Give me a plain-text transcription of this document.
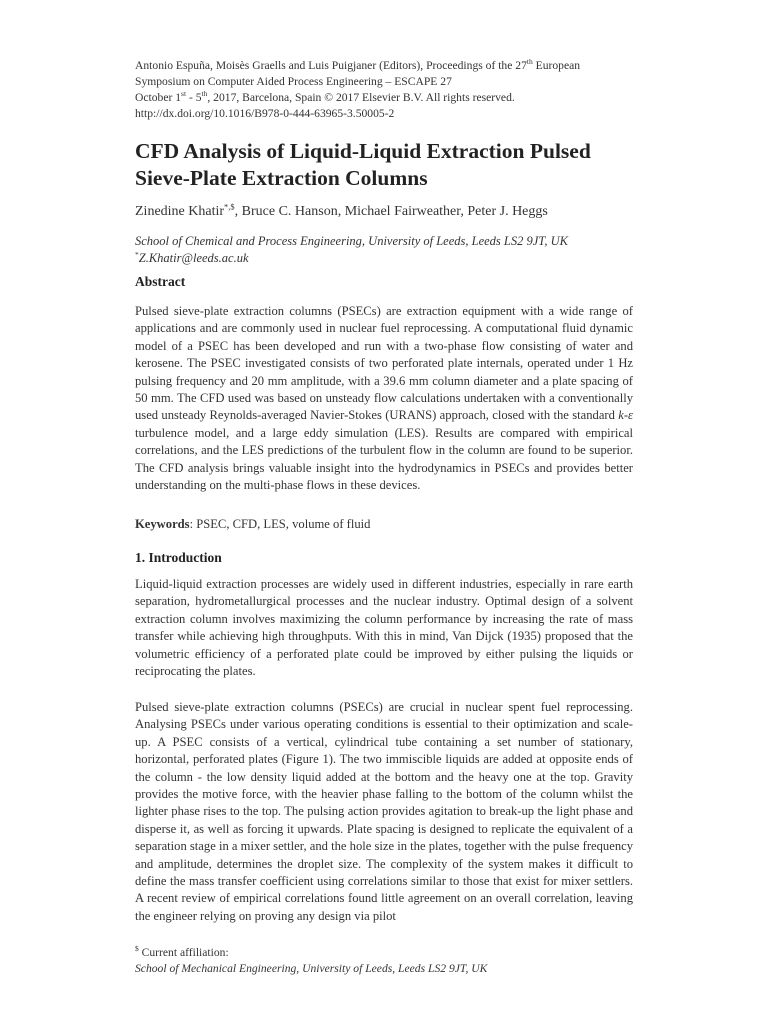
Antonio Espuña, Moisès Graells and Luis Puigjaner (Editors), Proceedings of the 27th European
Symposium on Computer Aided Process Engineering – ESCAPE 27
October 1st - 5th, 2017, Barcelona, Spain © 2017 Elsevier B.V. All rights reserved.
http://dx.doi.org/10.1016/B978-0-444-63965-3.50005-2
CFD Analysis of Liquid-Liquid Extraction Pulsed Sieve-Plate Extraction Columns
Zinedine Khatir*,$, Bruce C. Hanson, Michael Fairweather, Peter J. Heggs
School of Chemical and Process Engineering, University of Leeds, Leeds LS2 9JT, UK
*Z.Khatir@leeds.ac.uk
Abstract
Pulsed sieve-plate extraction columns (PSECs) are extraction equipment with a wide range of applications and are commonly used in nuclear fuel reprocessing. A computational fluid dynamic model of a PSEC has been developed and run with a two-phase flow consisting of water and kerosene. The PSEC investigated consists of two perforated plate internals, operated under 1 Hz pulsing frequency and 20 mm amplitude, with a 39.6 mm column diameter and a plate spacing of 50 mm. The CFD used was based on unsteady flow calculations undertaken with a conventionally used unsteady Reynolds-averaged Navier-Stokes (URANS) approach, closed with the standard k-ε turbulence model, and a large eddy simulation (LES). Results are compared with empirical correlations, and the LES predictions of the turbulent flow in the column are found to be superior. The CFD analysis brings valuable insight into the hydrodynamics in PSECs and provides better understanding on the multi-phase flows in these devices.
Keywords: PSEC, CFD, LES, volume of fluid
1. Introduction
Liquid-liquid extraction processes are widely used in different industries, especially in rare earth separation, hydrometallurgical processes and the nuclear industry. Optimal design of a solvent extraction column involves maximizing the column performance by increasing the rate of mass transfer while achieving high throughputs. With this in mind, Van Dijck (1935) proposed that the volumetric efficiency of a perforated plate could be improved by either pulsing the liquids or reciprocating the plates.
Pulsed sieve-plate extraction columns (PSECs) are crucial in nuclear spent fuel reprocessing. Analysing PSECs under various operating conditions is essential to their optimization and scale-up. A PSEC consists of a vertical, cylindrical tube containing a set number of stationary, horizontal, perforated plates (Figure 1). The two immiscible liquids are added at opposite ends of the column - the low density liquid added at the bottom and the heavy one at the top. Gravity provides the motive force, with the heavier phase falling to the bottom of the column whilst the lighter phase rises to the top. The pulsing action provides agitation to break-up the light phase and disperse it, as well as forcing it upwards. Plate spacing is designed to replicate the equivalent of a separation stage in a mixer settler, and the hole size in the plates, together with the pulse frequency and amplitude, determines the droplet size. The complexity of the system makes it difficult to define the mass transfer coefficient using correlations similar to those that exist for mixer settlers. A recent review of empirical correlations found little agreement on an overall correlation, leaving the engineer relying on proving any design via pilot
$ Current affiliation:
School of Mechanical Engineering, University of Leeds, Leeds LS2 9JT, UK
